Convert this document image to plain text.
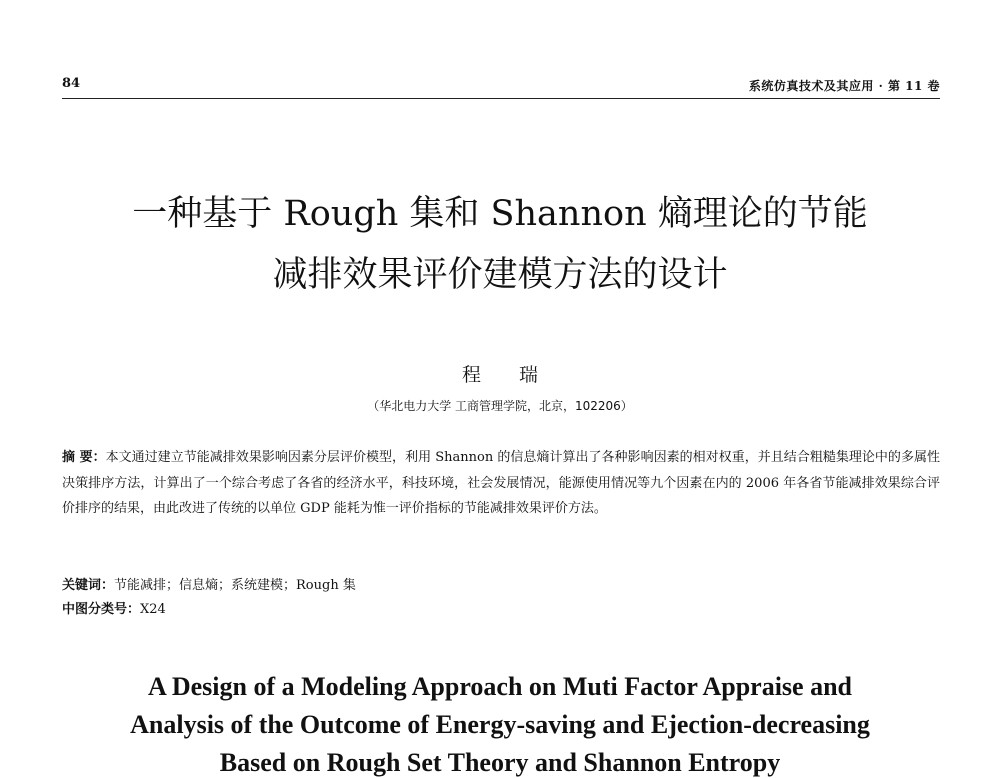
84	系统仿真技术及其应用 · 第 11 卷
一种基于 Rough 集和 Shannon 熵理论的节能
减排效果评价建模方法的设计
程 瑞
（华北电力大学 工商管理学院，北京，102206）
摘 要：本文通过建立节能减排效果影响因素分层评价模型，利用 Shannon 的信息熵计算出了各种影响因素的相对权重，并且结合粗糙集理论中的多属性决策排序方法，计算出了一个综合考虑了各省的经济水平，科技环境，社会发展情况，能源使用情况等九个因素在内的 2006 年各省节能减排效果综合评价排序的结果，由此改进了传统的以单位 GDP 能耗为惟一评价指标的节能减排效果评价方法。
关键词：节能减排；信息熵；系统建模；Rough 集
中图分类号：X24
A Design of a Modeling Approach on Muti Factor Appraise and
Analysis of the Outcome of Energy-saving and Ejection-decreasing
Based on Rough Set Theory and Shannon Entropy
